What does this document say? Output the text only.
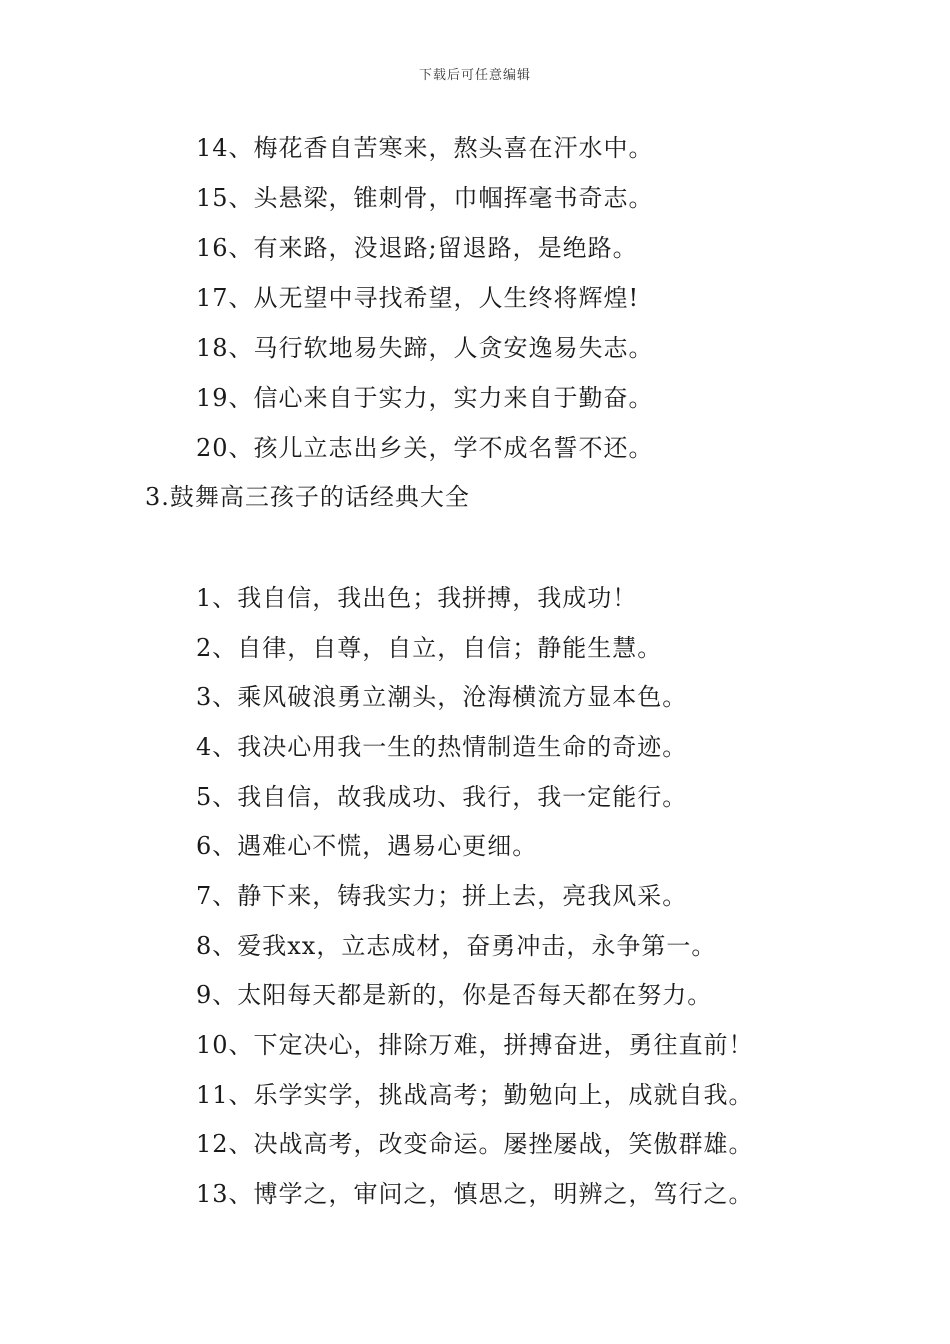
下载后可任意编辑
14、梅花香自苦寒来，熬头喜在汗水中。
15、头悬梁，锥刺骨，巾帼挥毫书奇志。
16、有来路，没退路;留退路，是绝路。
17、从无望中寻找希望，人生终将辉煌!
18、马行软地易失蹄，人贪安逸易失志。
19、信心来自于实力，实力来自于勤奋。
20、孩儿立志出乡关，学不成名誓不还。
3.鼓舞高三孩子的话经典大全
1、我自信，我出色；我拼搏，我成功！
2、自律，自尊，自立，自信；静能生慧。
3、乘风破浪勇立潮头，沧海横流方显本色。
4、我决心用我一生的热情制造生命的奇迹。
5、我自信，故我成功、我行，我一定能行。
6、遇难心不慌，遇易心更细。
7、静下来，铸我实力；拼上去，亮我风采。
8、爱我xx，立志成材，奋勇冲击，永争第一。
9、太阳每天都是新的，你是否每天都在努力。
10、下定决心，排除万难，拼搏奋进，勇往直前！
11、乐学实学，挑战高考；勤勉向上，成就自我。
12、决战高考，改变命运。屡挫屡战，笑傲群雄。
13、博学之，审问之，慎思之，明辨之，笃行之。
